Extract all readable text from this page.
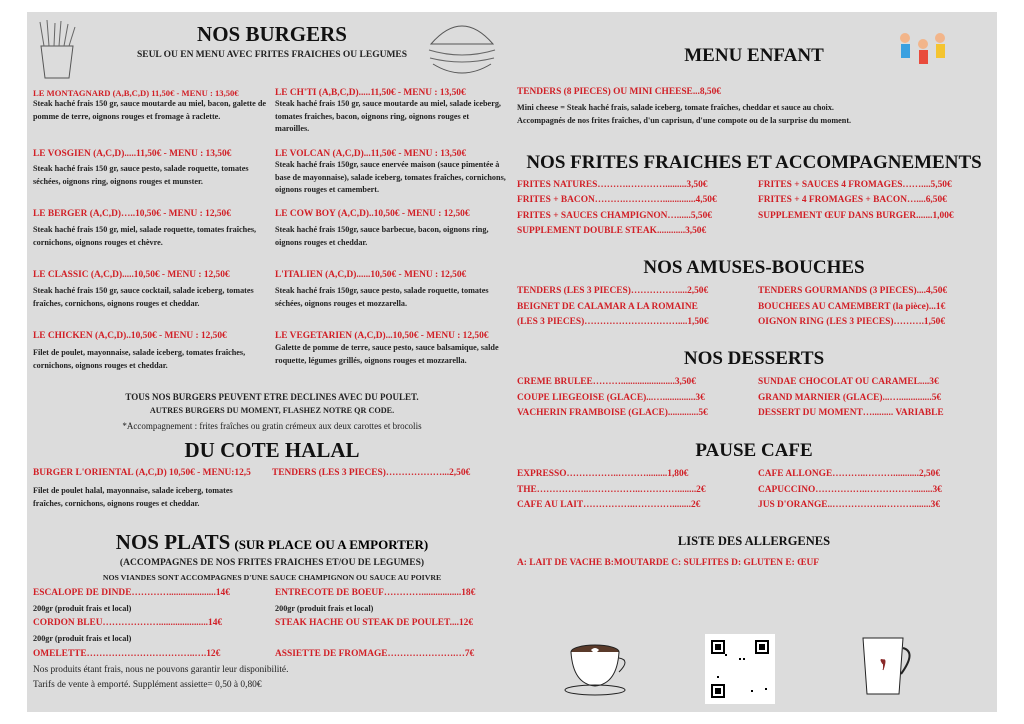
NOS BURGERS
SEUL OU EN MENU AVEC FRITES FRAICHES OU LEGUMES
LE MONTAGNARD (A,B,C,D) 11,50€ - MENU : 13,50€
Steak haché frais 150 gr, sauce moutarde au miel, bacon, galette de pomme de terre, oignons rouges et fromage à raclette.
LE CH'TI (A,B,C,D).....11,50€ - MENU : 13,50€
Steak haché frais 150 gr, sauce moutarde au miel, salade iceberg, tomates fraiches, bacon, oignons ring, oignons rouges et maroilles.
LE VOSGIEN (A,C,D).....11,50€ - MENU : 13,50€
Steak haché frais 150 gr, sauce pesto, salade roquette, tomates séchées, oignons ring, oignons rouges et munster.
LE VOLCAN (A,C,D)...11,50€ - MENU : 13,50€
Steak haché frais 150gr, sauce enervée maison (sauce pimentée à base de mayonnaise), salade iceberg, tomates fraîches, cornichons, oignons rouges et camembert.
LE BERGER (A,C,D)…..10,50€ - MENU : 12,50€
Steak haché frais 150 gr, miel, salade roquette, tomates fraîches, cornichons, oignons rouges et chèvre.
LE COW BOY (A,C,D)..10,50€ - MENU : 12,50€
Steak haché frais 150gr, sauce barbecue, bacon, oignons ring, oignons rouges et cheddar.
LE CLASSIC (A,C,D).....10,50€ - MENU : 12,50€
Steak haché frais 150 gr, sauce cocktail, salade iceberg, tomates fraîches, cornichons, oignons rouges et cheddar.
L'ITALIEN (A,C,D)......10,50€ - MENU : 12,50€
Steak haché frais 150gr, sauce pesto, salade roquette, tomates séchées, oignons rouges et mozzarella.
LE CHICKEN (A,C,D)..10,50€ - MENU : 12,50€
Filet de poulet, mayonnaise, salade iceberg, tomates fraîches, cornichons, oignons rouges et cheddar.
LE VEGETARIEN (A,C,D)...10,50€ - MENU : 12,50€
Galette de pomme de terre, sauce pesto, sauce balsamique, salde roquette, légumes grillés, oignons rouges et mozzarella.
TOUS NOS BURGERS PEUVENT ETRE DECLINES AVEC DU POULET.
AUTRES BURGERS DU MOMENT, FLASHEZ NOTRE QR CODE.
*Accompagnement : frites fraîches ou gratin crémeux aux deux carottes et brocolis
DU COTE HALAL
BURGER L'ORIENTAL (A,C,D) 10,50€ - MENU:12,5 TENDERS (LES 3 PIECES)………………...2,50€
Filet de poulet halal, mayonnaise, salade iceberg, tomates fraîches, cornichons, oignons rouges et cheddar.
NOS PLATS (SUR PLACE OU A EMPORTER)
(ACCOMPAGNES DE NOS FRITES FRAICHES ET/OU DE LEGUMES)
NOS VIANDES SONT ACCOMPAGNES D'UNE SAUCE CHAMPIGNON OU SAUCE AU POIVRE
ESCALOPE DE DINDE…………....................14€
200gr (produit frais et local)
ENTRECOTE DE BOEUF………….................18€
200gr (produit frais et local)
CORDON BLEU……………….....................14€
200gr (produit frais et local)
STEAK HACHE OU STEAK DE POULET....12€
OMELETTE……………………………..….12€	ASSIETTE DE FROMAGE………………….…7€
Nos produits étant frais, nous ne pouvons garantir leur disponibilité.
Tarifs de vente à emporté. Supplément assiette= 0,50 à 0,80€
MENU ENFANT
TENDERS (8 PIECES) OU MINI CHEESE...8,50€
Mini cheese = Steak haché frais, salade iceberg, tomate fraîches, cheddar et sauce au choix.
Accompagnés de nos frites fraîches, d'un caprisun, d'une compote ou de la surprise du moment.
NOS FRITES FRAICHES ET ACCOMPAGNEMENTS
FRITES NATURES……….………….........3,50€
FRITES + BACON……….…………..............4,50€
FRITES + SAUCES CHAMPIGNON…......5,50€
SUPPLEMENT DOUBLE STEAK............3,50€
FRITES + SAUCES 4 FROMAGES……....5,50€
FRITES + 4 FROMAGES + BACON…....6,50€
SUPPLEMENT ŒUF DANS BURGER.......1,00€
NOS AMUSES-BOUCHES
TENDERS (LES 3 PIECES)……………....2,50€
BEIGNET DE CALAMAR A LA ROMAINE
(LES 3 PIECES)…………………………....1,50€
TENDERS GOURMANDS (3 PIECES)....4,50€
BOUCHEES AU CAMEMBERT (la pièce)...1€
OIGNON RING (LES 3 PIECES)……….1,50€
NOS DESSERTS
CREME BRULEE……….......................3,50€
COUPE LIEGEOISE (GLACE)...…..............3€
VACHERIN FRAMBOISE (GLACE).............5€
SUNDAE CHOCOLAT OU CARAMEL....3€
GRAND MARNIER (GLACE)...…..............5€
DESSERT DU MOMENT…......... VARIABLE
PAUSE CAFE
EXPRESSO……………..……….........1,80€
THE……………..……………..…………........2€
CAFE AU LAIT……………..…………........2€
CAFE ALLONGE………..………...........2,50€
CAPUCCINO……………..……………........3€
JUS D'ORANGE..……………..………........3€
LISTE DES ALLERGENES
A: LAIT DE VACHE B:MOUTARDE C: SULFITES D: GLUTEN E: ŒUF
